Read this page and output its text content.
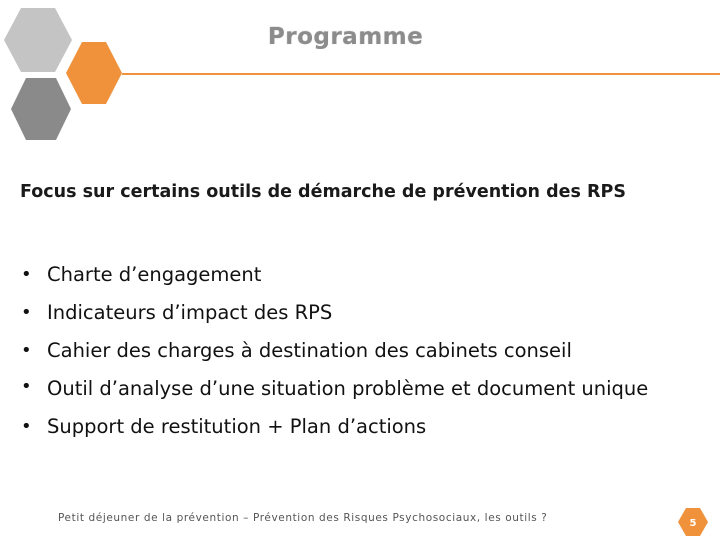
Programme
Focus sur certains outils de démarche de prévention des RPS
• Charte d’engagement
• Indicateurs d’impact des RPS
• Cahier des charges à destination des cabinets conseil
• Outil d’analyse d’une situation problème et document unique
• Support de restitution + Plan d’actions
Petit déjeuner de la prévention – Prévention des Risques Psychosociaux, les outils ?	5
